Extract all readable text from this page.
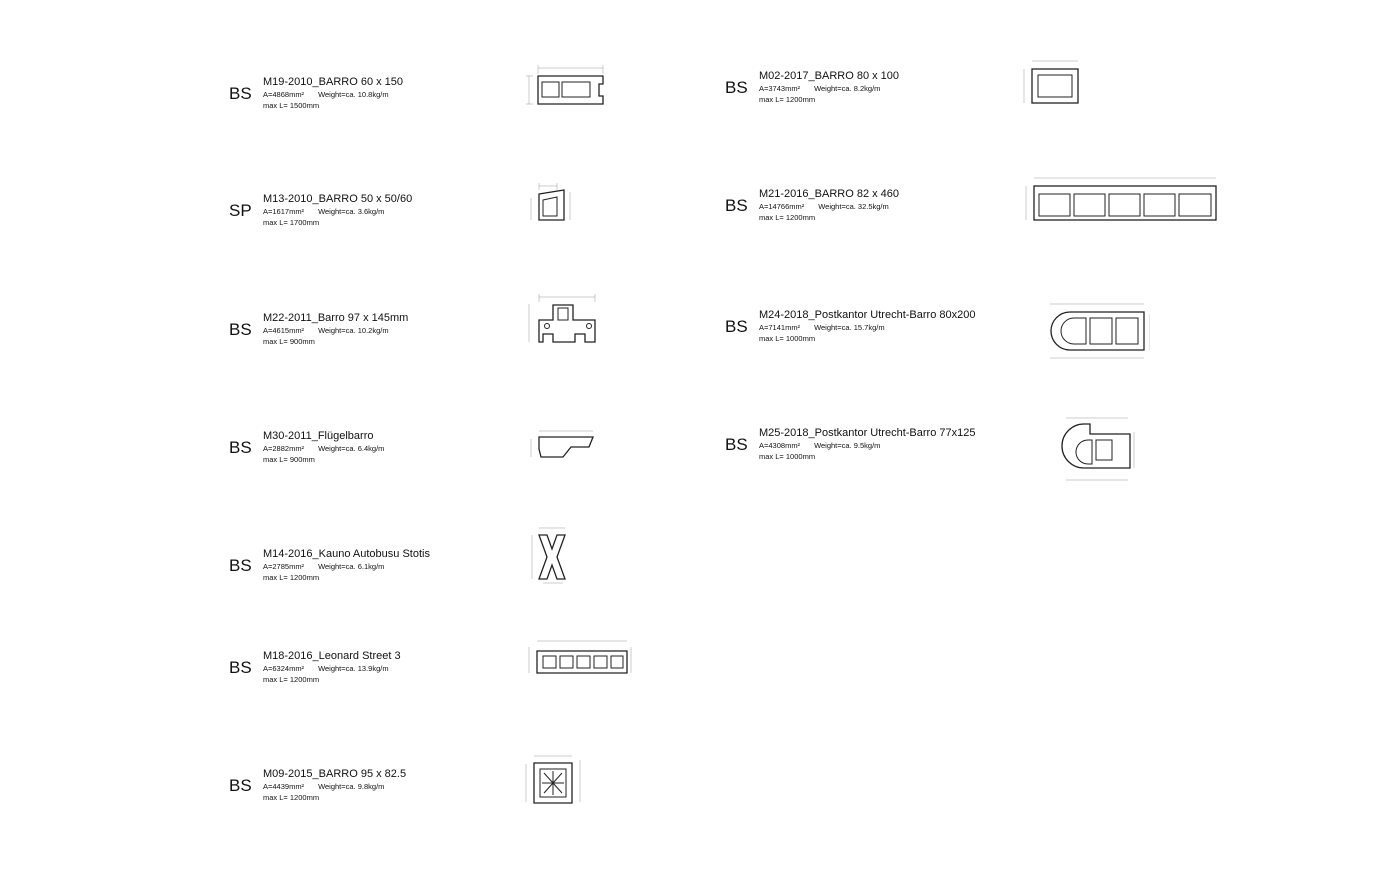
BS
M19-2010_BARRO 60 x 150
A=4868mm² Weight=ca. 10.8kg/m
max L= 1500mm
SP
M13-2010_BARRO 50 x 50/60
A=1617mm² Weight=ca. 3.6kg/m
max L= 1700mm
BS
M22-2011_Barro 97 x 145mm
A=4615mm² Weight=ca. 10.2kg/m
max L= 900mm
BS
M30-2011_Flügelbarro
A=2882mm² Weight=ca. 6.4kg/m
max L= 900mm
BS
M14-2016_Kauno Autobusu Stotis
A=2785mm² Weight=ca. 6.1kg/m
max L= 1200mm
BS
M18-2016_Leonard Street 3
A=6324mm² Weight=ca. 13.9kg/m
max L= 1200mm
BS
M09-2015_BARRO 95 x 82.5
A=4439mm² Weight=ca. 9.8kg/m
max L= 1200mm
BS
M02-2017_BARRO 80 x 100
A=3743mm² Weight=ca. 8.2kg/m
max L= 1200mm
BS
M21-2016_BARRO 82 x 460
A=14766mm² Weight=ca. 32.5kg/m
max L= 1200mm
BS
M24-2018_Postkantor Utrecht-Barro 80x200
A=7141mm² Weight=ca. 15.7kg/m
max L= 1000mm
BS
M25-2018_Postkantor Utrecht-Barro 77x125
A=4308mm² Weight=ca. 9.5kg/m
max L= 1000mm
